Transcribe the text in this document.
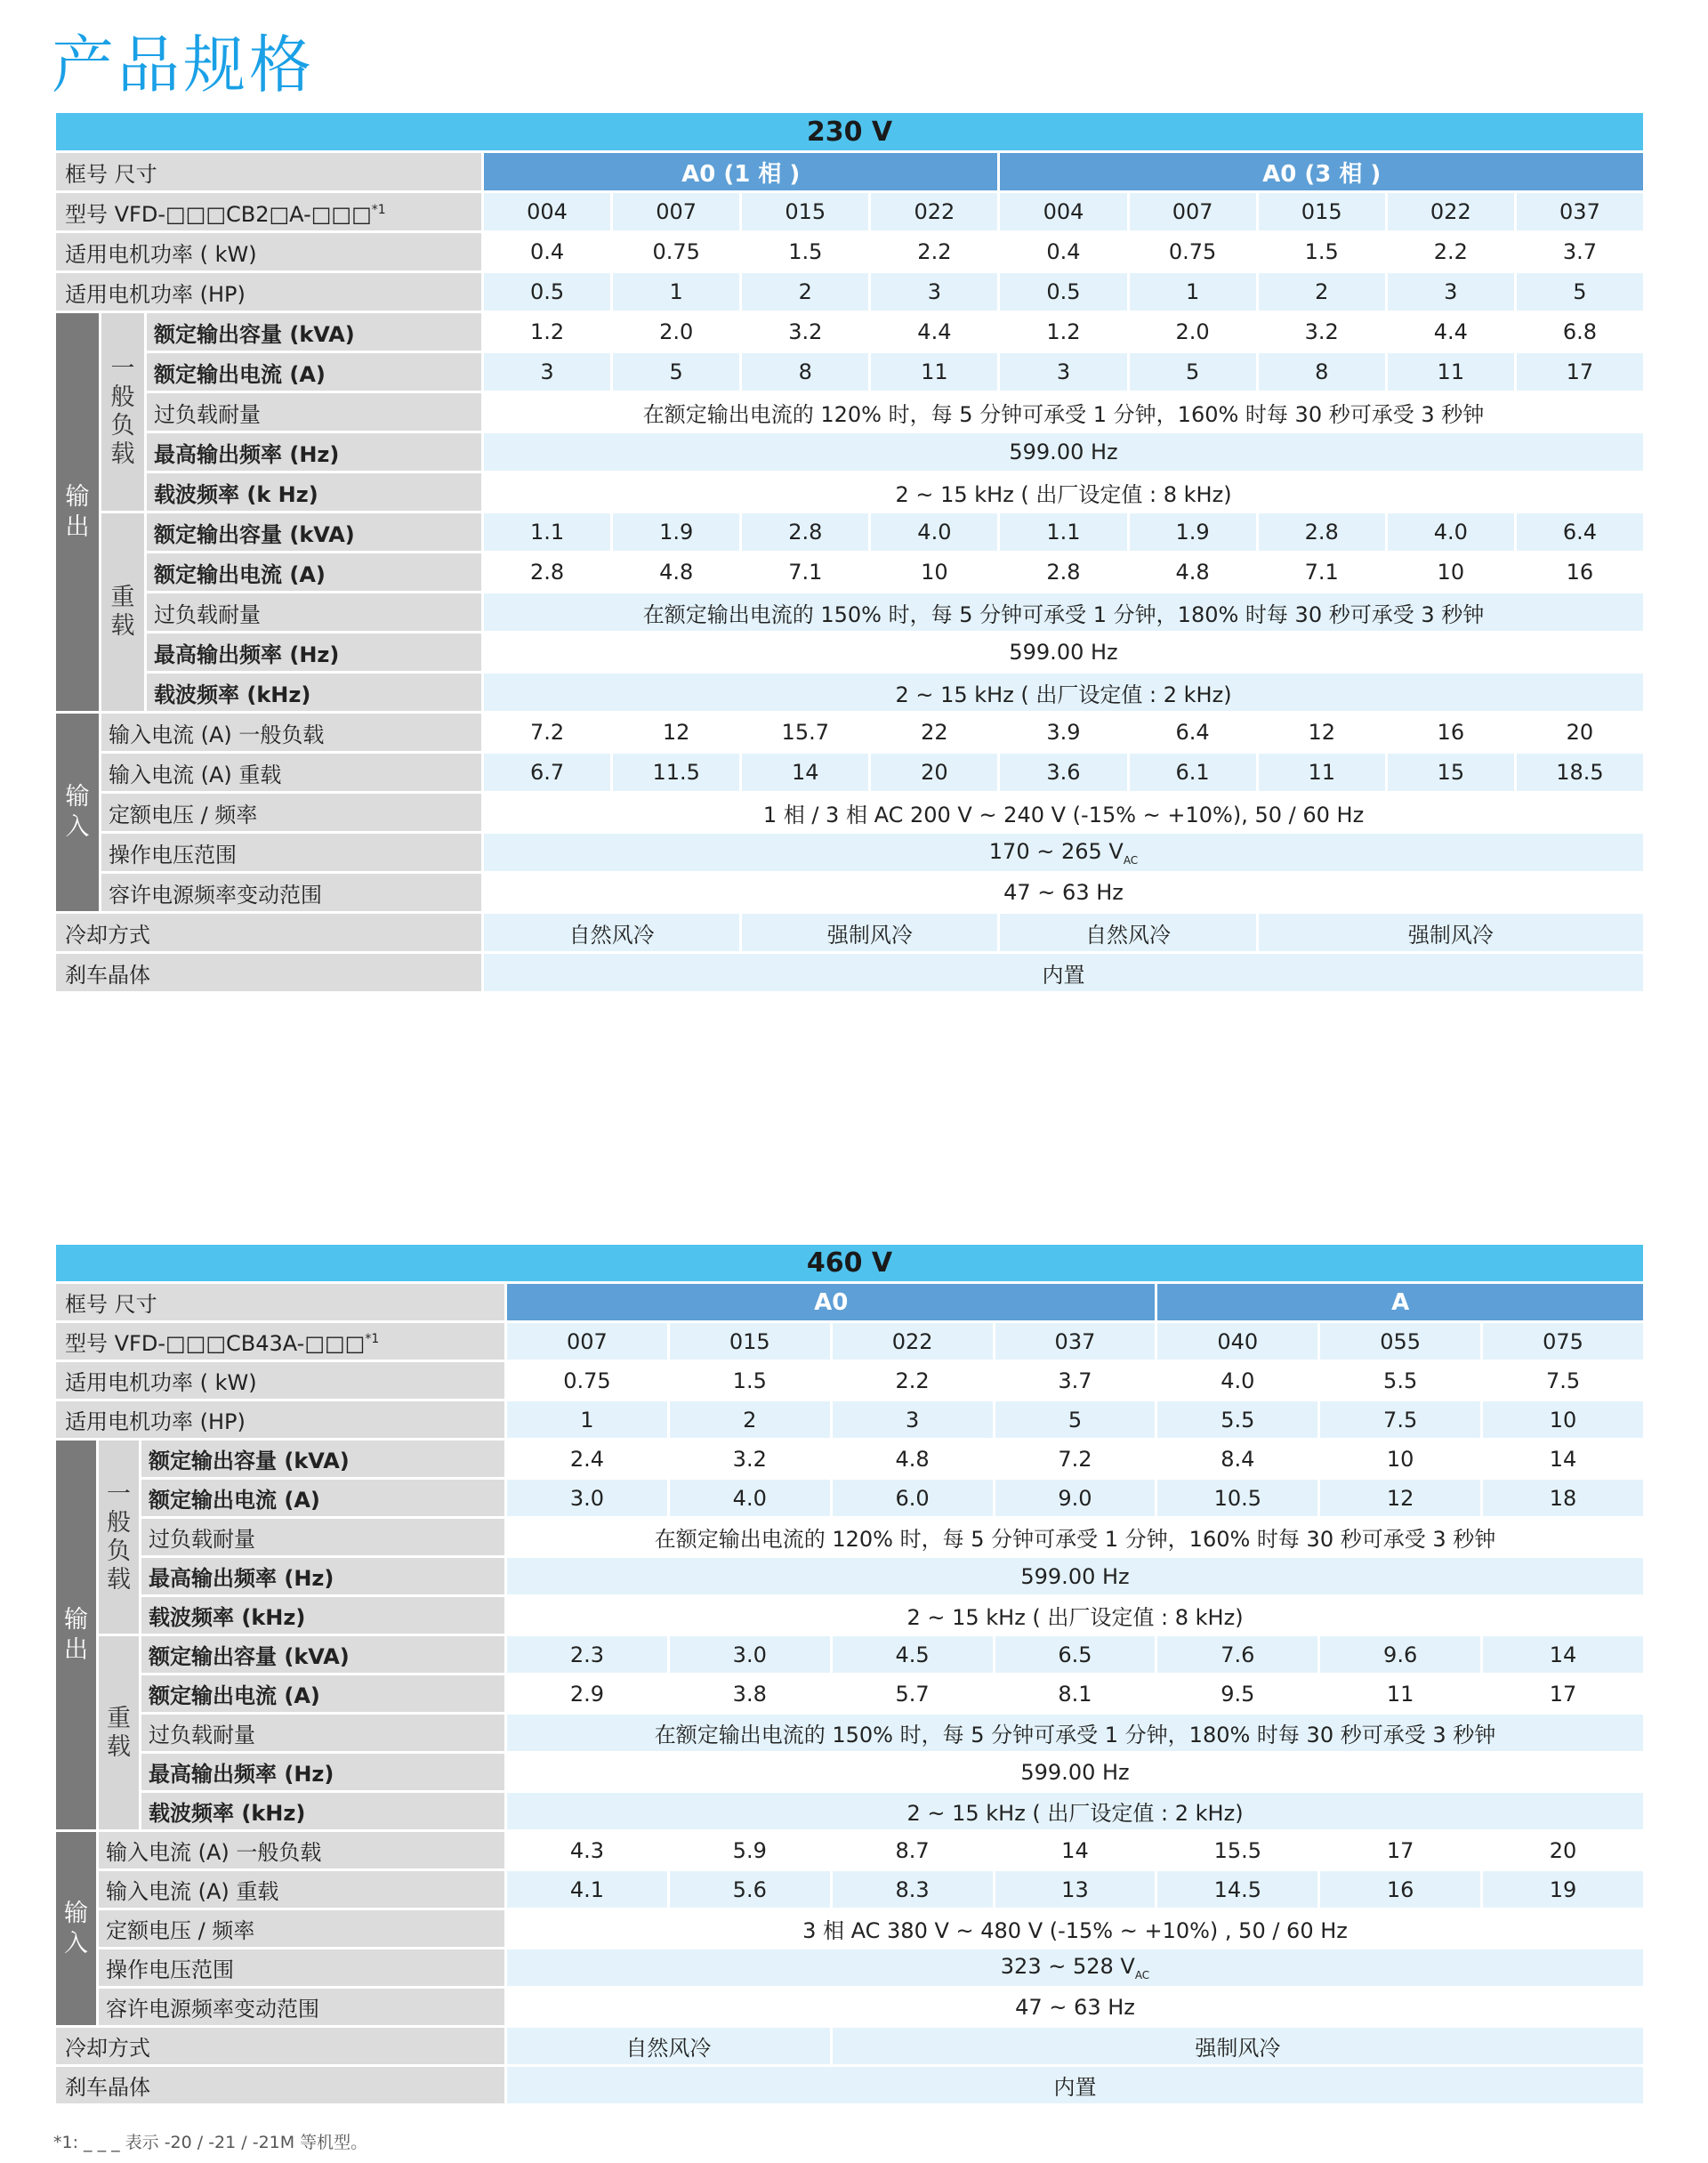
产品规格
230 V											
框号 尺寸			A0 (1 相 )				A0 (3 相 )				
型号 VFD-□□□CB2□A-□□□$^{*1}$			004	007	015	022	004	007	015	022	037
适用电机功率 ( kW)			0.4	0.75	1.5	2.2	0.4	0.75	1.5	2.2	3.7
适用电机功率 (HP)			0.5	1	2	3	0.5	1	2	3	5
输
出	一
般
负
载	额定输出容量 (kVA)	1.2	2.0	3.2	4.4	1.2	2.0	3.2	4.4	6.8
		额定输出电流 (A)	3	5	8	11	3	5	8	11	17
		过负载耐量	在额定输出电流的 120% 时，每 5 分钟可承受 1 分钟，160% 时每 30 秒可承受 3 秒钟								
		最高输出频率 (Hz)	599.00 Hz								
		载波频率 (k Hz)	2 ~ 15 kHz ( 出厂设定值 : 8 kHz)								
	重
载	额定输出容量 (kVA)	1.1	1.9	2.8	4.0	1.1	1.9	2.8	4.0	6.4
		额定输出电流 (A)	2.8	4.8	7.1	10	2.8	4.8	7.1	10	16
		过负载耐量	在额定输出电流的 150% 时，每 5 分钟可承受 1 分钟，180% 时每 30 秒可承受 3 秒钟								
		最高输出频率 (Hz)	599.00 Hz								
		载波频率 (kHz)	2 ~ 15 kHz ( 出厂设定值 : 2 kHz)								
输
入	输入电流 (A) 一般负载		7.2	12	15.7	22	3.9	6.4	12	16	20
	输入电流 (A) 重载		6.7	11.5	14	20	3.6	6.1	11	15	18.5
	定额电压 / 频率		1 相 / 3 相 AC 200 V ~ 240 V (-15% ~ +10%), 50 / 60 Hz								
	操作电压范围		170 ~ 265 $V_{AC}$
	容许电源频率变动范围		47 ~ 63 Hz								
冷却方式			自然风冷		强制风冷		自然风冷		强制风冷		
刹车晶体			内置								
460 V									
框号 尺寸			A0				A		
型号 VFD-□□□CB43A-□□□$^{*1}$			007	015	022	037	040	055	075
适用电机功率 ( kW)			0.75	1.5	2.2	3.7	4.0	5.5	7.5
适用电机功率 (HP)			1	2	3	5	5.5	7.5	10
输
出	一
般
负
载	额定输出容量 (kVA)	2.4	3.2	4.8	7.2	8.4	10	14
		额定输出电流 (A)	3.0	4.0	6.0	9.0	10.5	12	18
		过负载耐量	在额定输出电流的 120% 时，每 5 分钟可承受 1 分钟，160% 时每 30 秒可承受 3 秒钟						
		最高输出频率 (Hz)	599.00 Hz						
		载波频率 (kHz)	2 ~ 15 kHz ( 出厂设定值 : 8 kHz)						
	重
载	额定输出容量 (kVA)	2.3	3.0	4.5	6.5	7.6	9.6	14
		额定输出电流 (A)	2.9	3.8	5.7	8.1	9.5	11	17
		过负载耐量	在额定输出电流的 150% 时，每 5 分钟可承受 1 分钟，180% 时每 30 秒可承受 3 秒钟						
		最高输出频率 (Hz)	599.00 Hz						
		载波频率 (kHz)	2 ~ 15 kHz ( 出厂设定值 : 2 kHz)						
输
入	输入电流 (A) 一般负载		4.3	5.9	8.7	14	15.5	17	20
	输入电流 (A) 重载		4.1	5.6	8.3	13	14.5	16	19
	定额电压 / 频率		3 相 AC 380 V ~ 480 V (-15% ~ +10%) , 50 / 60 Hz						
	操作电压范围		323 ~ 528 $V_{AC}$
	容许电源频率变动范围		47 ~ 63 Hz						
冷却方式			自然风冷		强制风冷				
刹车晶体			内置						
*1: _ _ _ 表示 -20 / -21 / -21M 等机型。
